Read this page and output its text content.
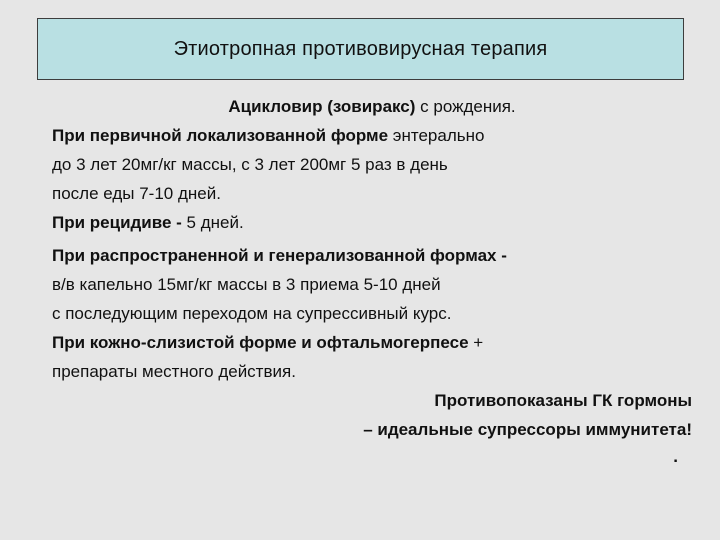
Этиотропная противовирусная терапия
Ацикловир (зовиракс) с рождения.
При первичной локализованной форме энтерально
до 3 лет 20мг/кг массы, с 3 лет 200мг 5 раз в день
после еды 7-10 дней.
При рецидиве - 5 дней.
При распространенной и генерализованной формах -
в/в капельно 15мг/кг массы в 3 приема 5-10 дней
с последующим переходом на супрессивный курс.
При кожно-слизистой форме и офтальмогерпесе +
препараты местного действия.
Противопоказаны ГК гормоны
– идеальные супрессоры иммунитета!
.
